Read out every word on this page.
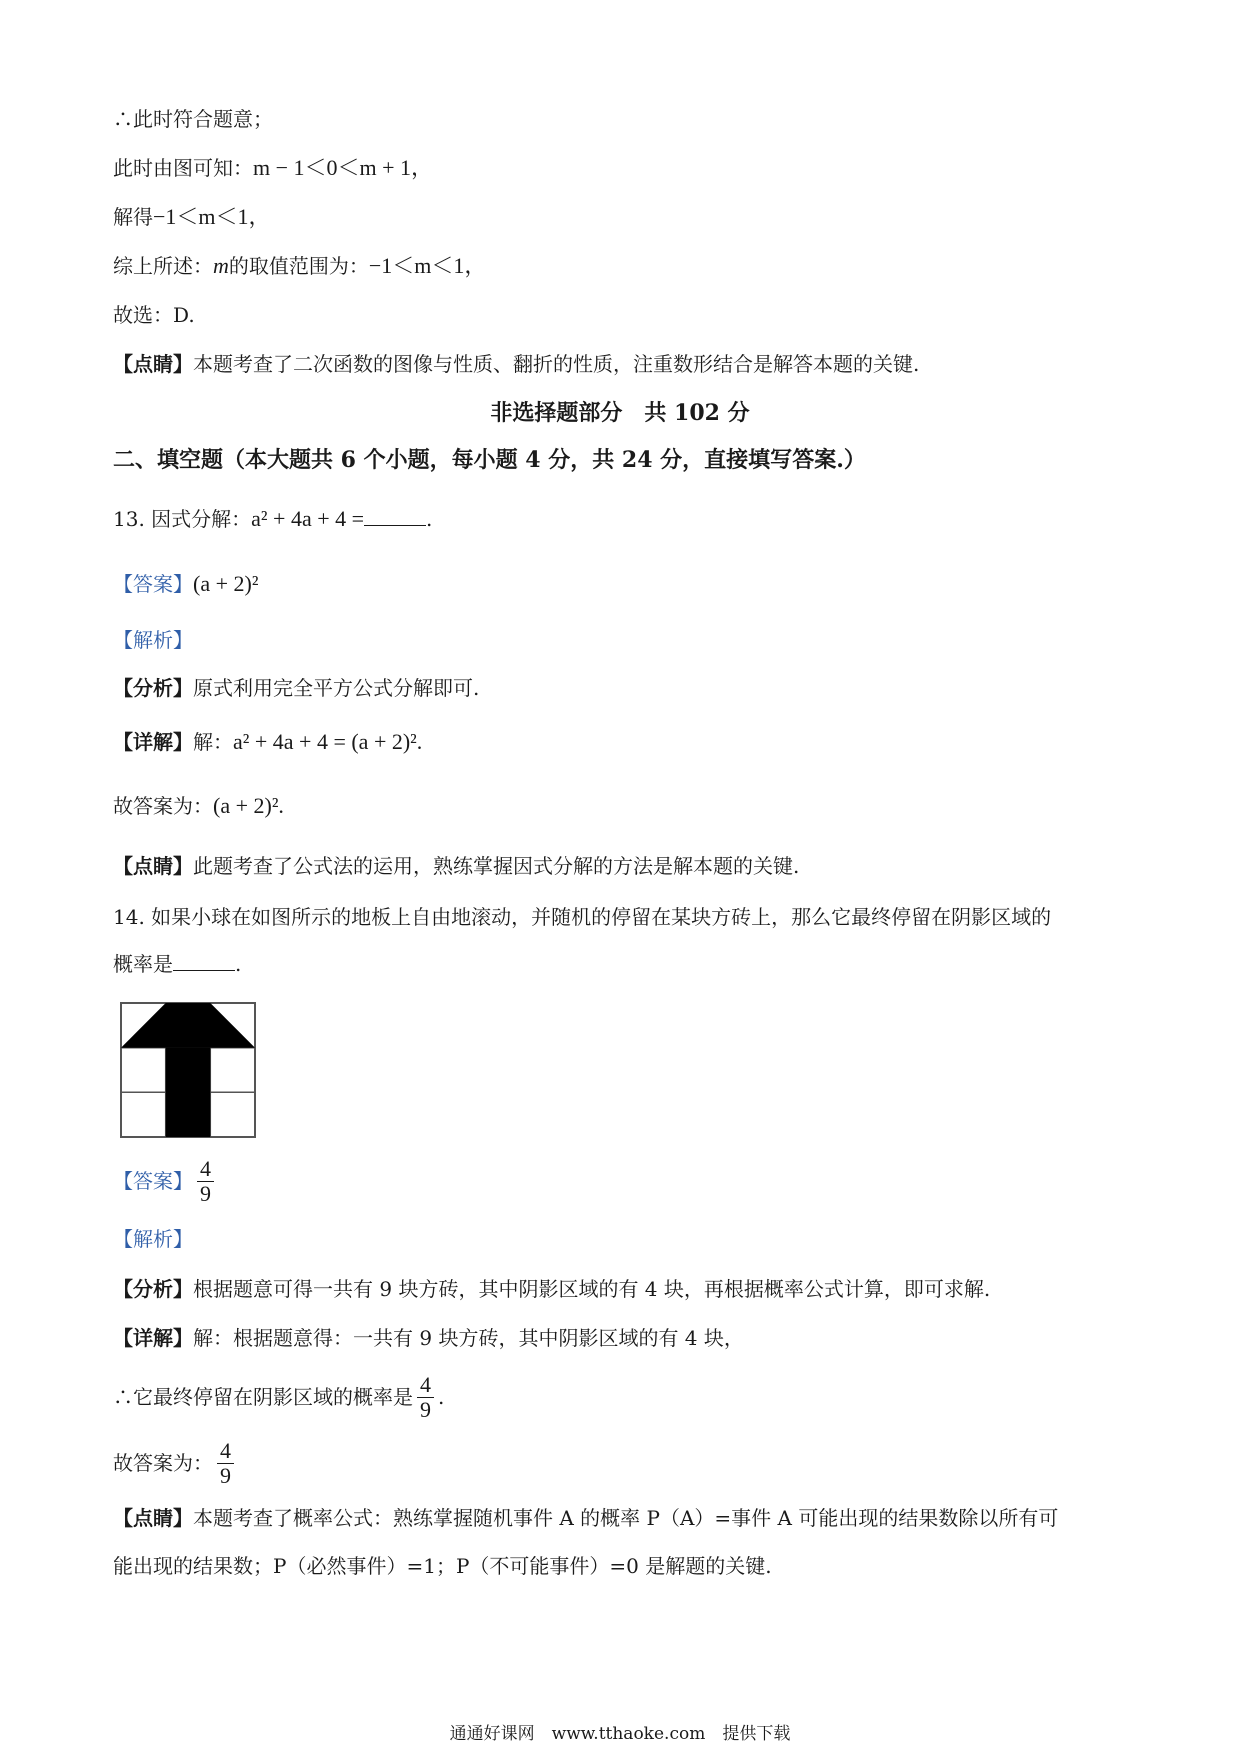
∴此时符合题意；
此时由图可知：m − 1＜0＜m + 1，
解得−1＜m＜1，
综上所述：m的取值范围为：−1＜m＜1，
故选：D.
【点睛】本题考查了二次函数的图像与性质、翻折的性质，注重数形结合是解答本题的关键.
非选择题部分　共 102 分
二、填空题（本大题共 6 个小题，每小题 4 分，共 24 分，直接填写答案.）
13. 因式分解：a² + 4a + 4 =	.
【答案】(a + 2)²
【解析】
【分析】原式利用完全平方公式分解即可.
【详解】解：a² + 4a + 4 = (a + 2)².
故答案为：(a + 2)².
【点睛】此题考查了公式法的运用，熟练掌握因式分解的方法是解本题的关键.
14. 如果小球在如图所示的地板上自由地滚动，并随机的停留在某块方砖上，那么它最终停留在阴影区域的
概率是	.
【答案】 $\frac{4}{9}$
【解析】
【分析】根据题意可得一共有 9 块方砖，其中阴影区域的有 4 块，再根据概率公式计算，即可求解.
【详解】解：根据题意得：一共有 9 块方砖，其中阴影区域的有 4 块，
∴它最终停留在阴影区域的概率是 $\frac{4}{9}$ .
故答案为： $\frac{4}{9}$
【点睛】本题考查了概率公式：熟练掌握随机事件 A 的概率 P（A）=事件 A 可能出现的结果数除以所有可
能出现的结果数；P（必然事件）=1；P（不可能事件）=0 是解题的关键.
通通好课网　www.tthaoke.com　提供下载
